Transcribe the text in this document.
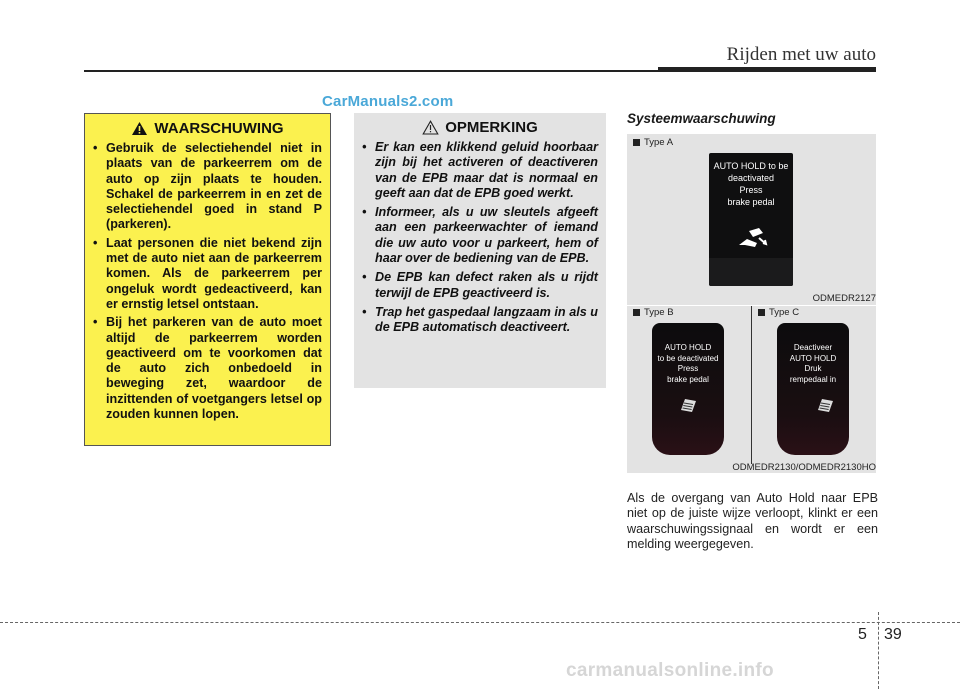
Rijden met uw auto
CarManuals2.com
WAARSCHUWING
• Gebruik de selectiehendel niet in plaats van de parkeerrem om de auto op zijn plaats te houden. Schakel de parkeerrem in en zet de selectiehendel goed in stand P (parkeren).
• Laat personen die niet bekend zijn met de auto niet aan de parkeerrem komen. Als de parkeerrem per ongeluk wordt gedeactiveerd, kan er ernstig letsel ontstaan.
• Bij het parkeren van de auto moet altijd de parkeerrem worden geactiveerd om te voorkomen dat de auto zich onbedoeld in beweging zet, waardoor de inzittenden of voetgangers letsel op zouden kunnen lopen.
OPMERKING
• Er kan een klikkend geluid hoorbaar zijn bij het activeren of deactiveren van de EPB maar dat is normaal en geeft aan dat de EPB goed werkt.
• Informeer, als u uw sleutels afgeeft aan een parkeerwachter of iemand die uw auto voor u parkeert, hem of haar over de bediening van de EPB.
• De EPB kan defect raken als u rijdt terwijl de EPB geactiveerd is.
• Trap het gaspedaal langzaam in als u de EPB automatisch deactiveert.
Systeemwaarschuwing
Type A
AUTO HOLD to be
deactivated
Press
brake pedal
ODMEDR2127
Type B	Type C
AUTO HOLD
to be deactivated
Press
brake pedal
Deactiveer
AUTO HOLD
Druk
rempedaal in
ODMEDR2130/ODMEDR2130HO
Als de overgang van Auto Hold naar EPB niet op de juiste wijze verloopt, klinkt er een waarschuwingssignaal en wordt er een melding weergegeven.
5 39
carmanualsonline.info
